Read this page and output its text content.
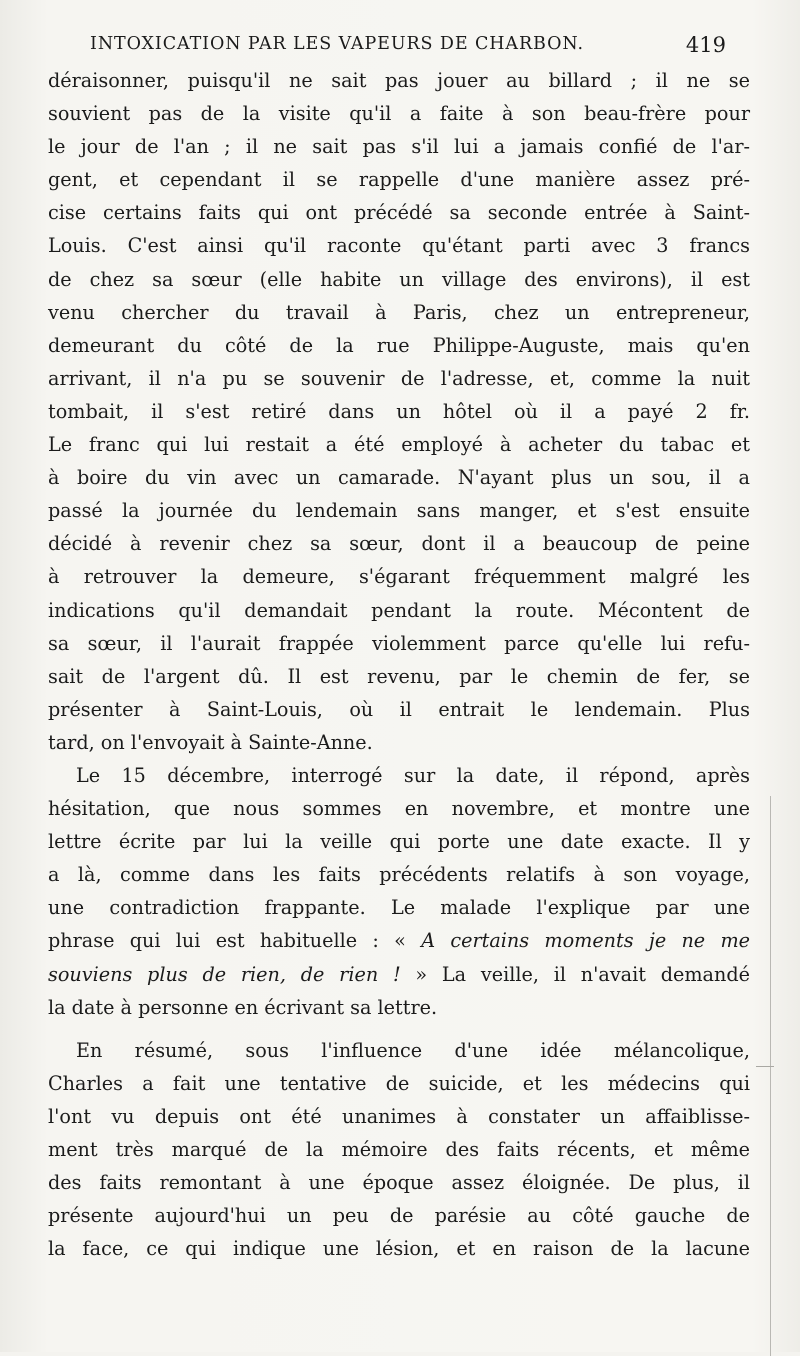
INTOXICATION PAR LES VAPEURS DE CHARBON.	419
déraisonner, puisqu'il ne sait pas jouer au billard ; il ne se
souvient pas de la visite qu'il a faite à son beau-frère pour
le jour de l'an ; il ne sait pas s'il lui a jamais confié de l'ar-
gent, et cependant il se rappelle d'une manière assez pré-
cise certains faits qui ont précédé sa seconde entrée à Saint-
Louis. C'est ainsi qu'il raconte qu'étant parti avec 3 francs
de chez sa sœur (elle habite un village des environs), il est
venu chercher du travail à Paris, chez un entrepreneur,
demeurant du côté de la rue Philippe-Auguste, mais qu'en
arrivant, il n'a pu se souvenir de l'adresse, et, comme la nuit
tombait, il s'est retiré dans un hôtel où il a payé 2 fr.
Le franc qui lui restait a été employé à acheter du tabac et
à boire du vin avec un camarade. N'ayant plus un sou, il a
passé la journée du lendemain sans manger, et s'est ensuite
décidé à revenir chez sa sœur, dont il a beaucoup de peine
à retrouver la demeure, s'égarant fréquemment malgré les
indications qu'il demandait pendant la route. Mécontent de
sa sœur, il l'aurait frappée violemment parce qu'elle lui refu-
sait de l'argent dû. Il est revenu, par le chemin de fer, se
présenter à Saint-Louis, où il entrait le lendemain. Plus
tard, on l'envoyait à Sainte-Anne.
Le 15 décembre, interrogé sur la date, il répond, après
hésitation, que nous sommes en novembre, et montre une
lettre écrite par lui la veille qui porte une date exacte. Il y
a là, comme dans les faits précédents relatifs à son voyage,
une contradiction frappante. Le malade l'explique par une
phrase qui lui est habituelle : « A certains moments je ne me
souviens plus de rien, de rien ! » La veille, il n'avait demandé
la date à personne en écrivant sa lettre.
En résumé, sous l'influence d'une idée mélancolique,
Charles a fait une tentative de suicide, et les médecins qui
l'ont vu depuis ont été unanimes à constater un affaiblisse-
ment très marqué de la mémoire des faits récents, et même
des faits remontant à une époque assez éloignée. De plus, il
présente aujourd'hui un peu de parésie au côté gauche de
la face, ce qui indique une lésion, et en raison de la lacune
